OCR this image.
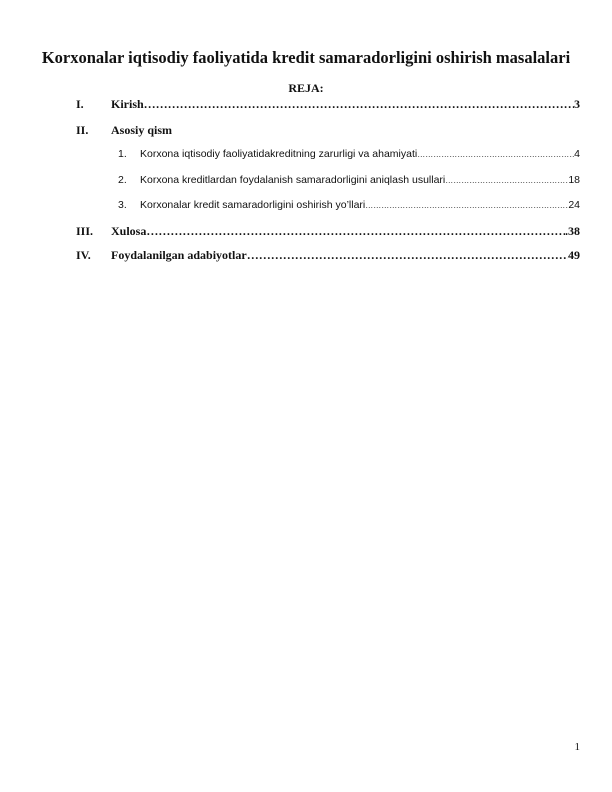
Korxonalar iqtisodiy faoliyatida kredit samaradorligini oshirish masalalari
REJA:
I.	Kirish ………………………………………………………………………………………………………………………………………………	3
II.	Asosiy qism
1.	Korxona iqtisodiy faoliyatidakreditning zarurligi va ahamiyati ……………………………………………………………………………………………………………………………………………………	4
2.	Korxona kreditlardan foydalanish samaradorligini aniqlash usullari ……………………………………………………………………………………………………………………………………………………	18
3.	Korxonalar kredit samaradorligini oshirish yo’llari ……………………………………………………………………………………………………………………………………………………	24
III.	Xulosa ………………………………………………………………………………………………………………………………………………	.38
IV.	Foydalanilgan adabiyotlar ………………………………………………………………………………………………………………………………………………	49
1
